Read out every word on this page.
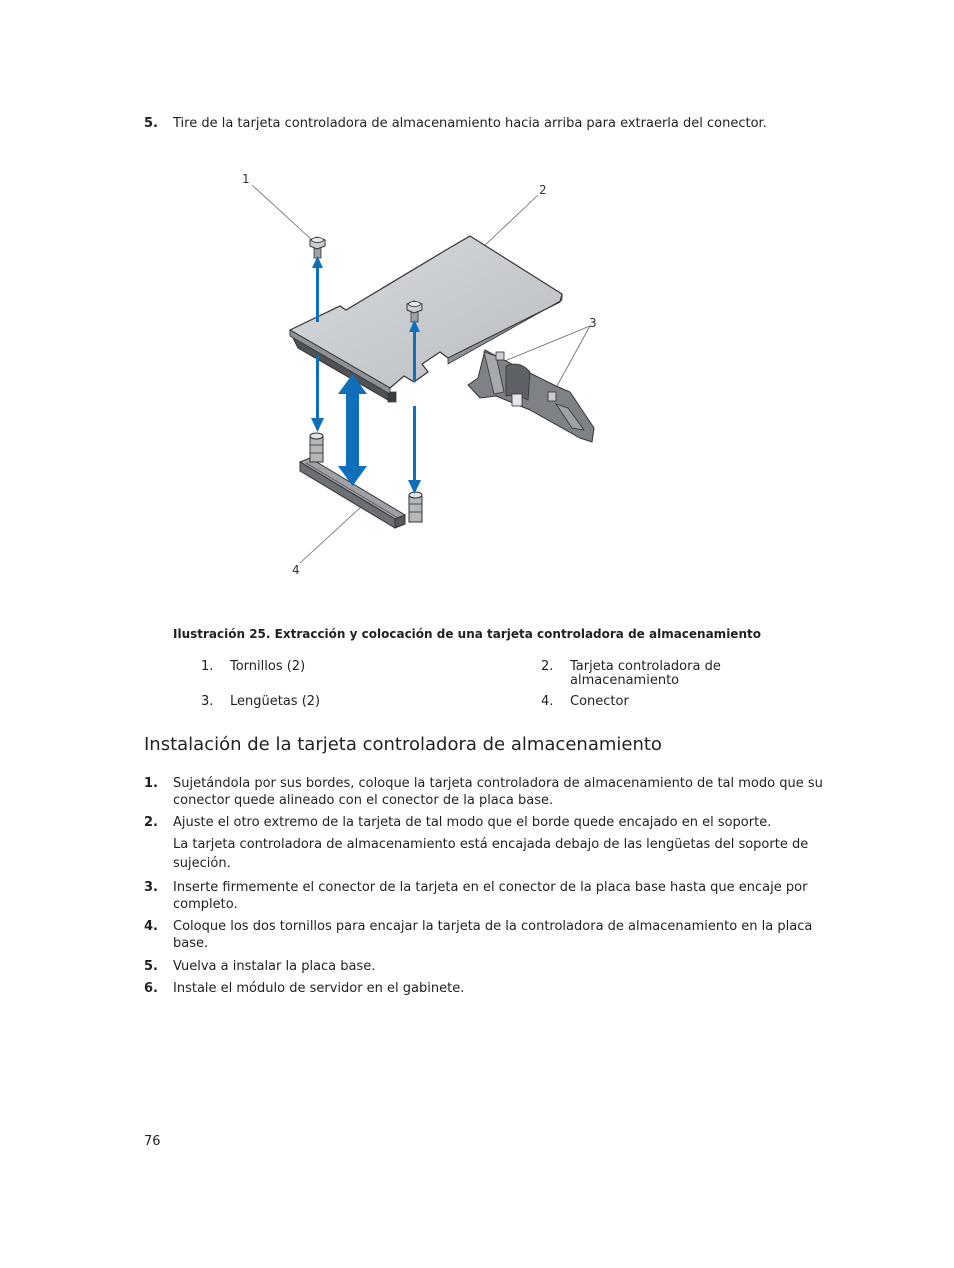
5. Tire de la tarjeta controladora de almacenamiento hacia arriba para extraerla del conector.
1
2
3
4
Ilustración 25. Extracción y colocación de una tarjeta controladora de almacenamiento
1. Tornillos (2)	2. Tarjeta controladora de almacenamiento
3. Lengüetas (2)	4. Conector
Instalación de la tarjeta controladora de almacenamiento
1. Sujetándola por sus bordes, coloque la tarjeta controladora de almacenamiento de tal modo que su conector quede alineado con el conector de la placa base.
2. Ajuste el otro extremo de la tarjeta de tal modo que el borde quede encajado en el soporte.
La tarjeta controladora de almacenamiento está encajada debajo de las lengüetas del soporte de sujeción.
3. Inserte firmemente el conector de la tarjeta en el conector de la placa base hasta que encaje por completo.
4. Coloque los dos tornillos para encajar la tarjeta de la controladora de almacenamiento en la placa base.
5. Vuelva a instalar la placa base.
6. Instale el módulo de servidor en el gabinete.
76
